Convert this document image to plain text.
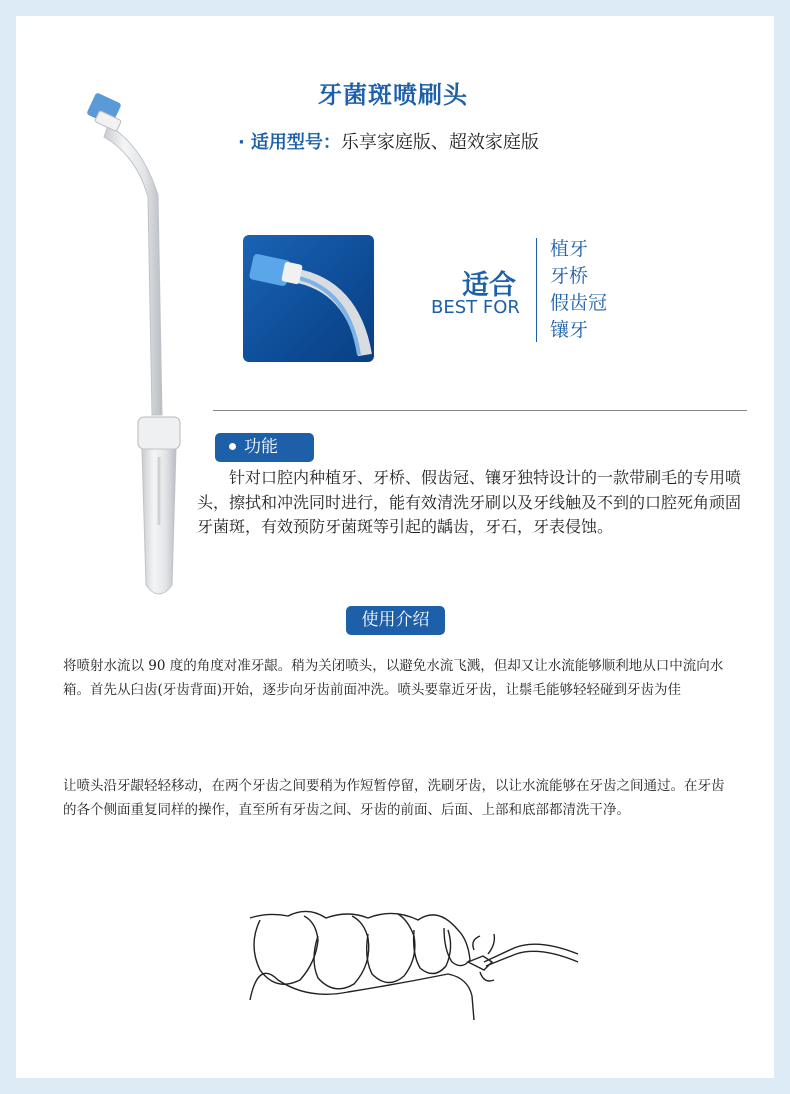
牙菌斑喷刷头
· 适用型号：乐享家庭版、超效家庭版
适合
BEST FOR
植牙
牙桥
假齿冠
镶牙
功能

针对口腔内种植牙、牙桥、假齿冠、镶牙独特设计的一款带刷毛的专用喷头，擦拭和冲洗同时进行，能有效清洗牙刷以及牙线触及不到的口腔死角顽固牙菌斑，有效预防牙菌斑等引起的龋齿，牙石，牙表侵蚀。

使用介绍

将喷射水流以 90 度的角度对准牙龈。稍为关闭喷头，以避免水流飞溅，但却又让水流能够顺利地从口中流向水箱。首先从臼齿(牙齿背面)开始，逐步向牙齿前面冲洗。喷头要靠近牙齿，让鬃毛能够轻轻碰到牙齿为佳

让喷头沿牙龈轻轻移动，在两个牙齿之间要稍为作短暂停留，洗刷牙齿，以让水流能够在牙齿之间通过。在牙齿的各个侧面重复同样的操作，直至所有牙齿之间、牙齿的前面、后面、上部和底部都清洗干净。
